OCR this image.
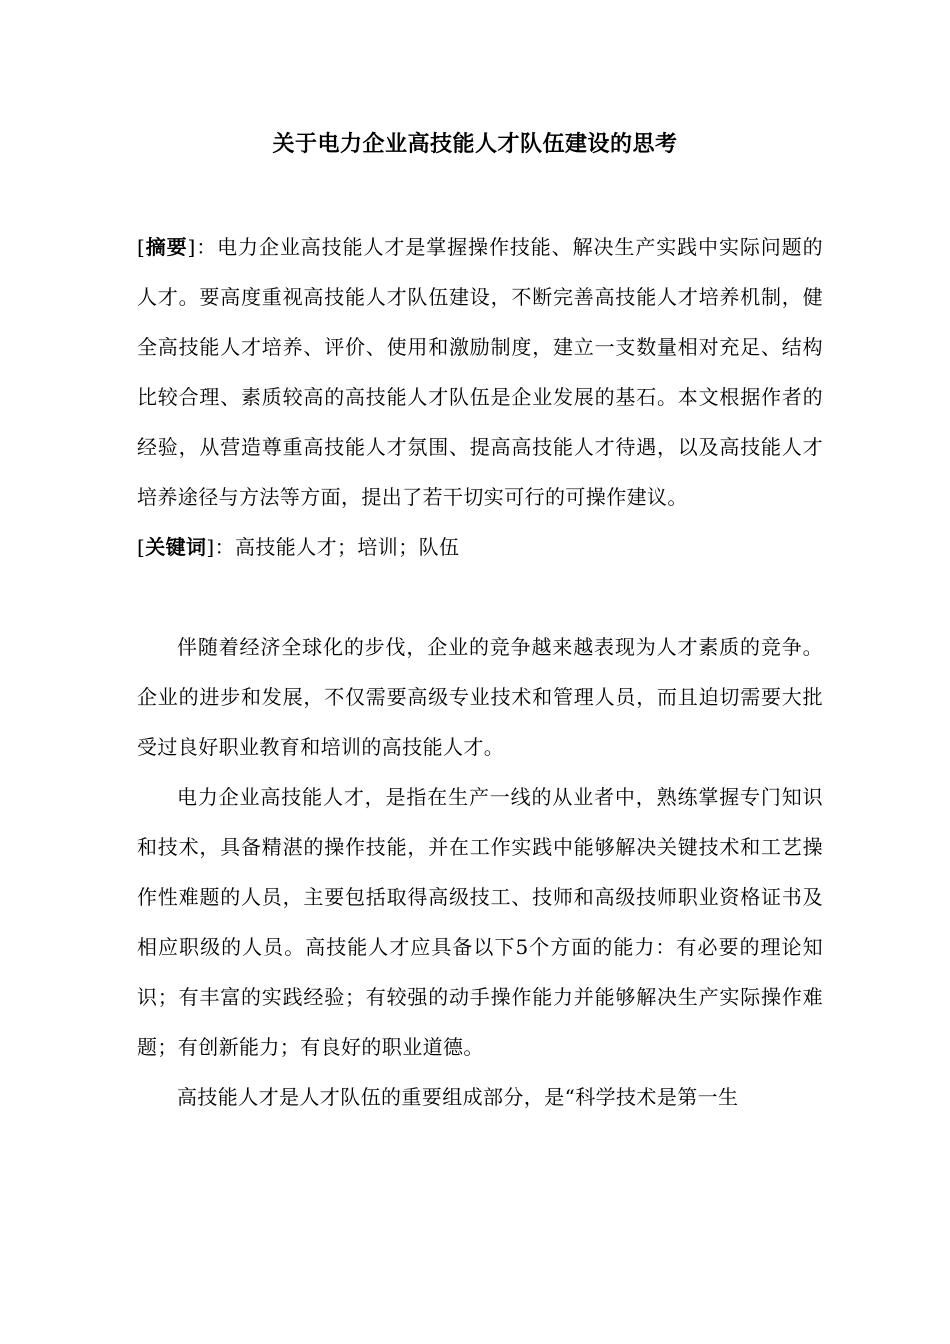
关于电力企业高技能人才队伍建设的思考

[摘要]：电力企业高技能人才是掌握操作技能、解决生产实践中实际问题的人才。要高度重视高技能人才队伍建设，不断完善高技能人才培养机制，健全高技能人才培养、评价、使用和激励制度，建立一支数量相对充足、结构比较合理、素质较高的高技能人才队伍是企业发展的基石。本文根据作者的经验，从营造尊重高技能人才氛围、提高高技能人才待遇，以及高技能人才培养途径与方法等方面，提出了若干切实可行的可操作建议。

[关键词]：高技能人才；培训；队伍

伴随着经济全球化的步伐，企业的竞争越来越表现为人才素质的竞争。企业的进步和发展，不仅需要高级专业技术和管理人员，而且迫切需要大批受过良好职业教育和培训的高技能人才。

电力企业高技能人才，是指在生产一线的从业者中，熟练掌握专门知识和技术，具备精湛的操作技能，并在工作实践中能够解决关键技术和工艺操作性难题的人员，主要包括取得高级技工、技师和高级技师职业资格证书及相应职级的人员。高技能人才应具备以下5个方面的能力：有必要的理论知识；有丰富的实践经验；有较强的动手操作能力并能够解决生产实际操作难题；有创新能力；有良好的职业道德。

高技能人才是人才队伍的重要组成部分，是“科学技术是第一生
